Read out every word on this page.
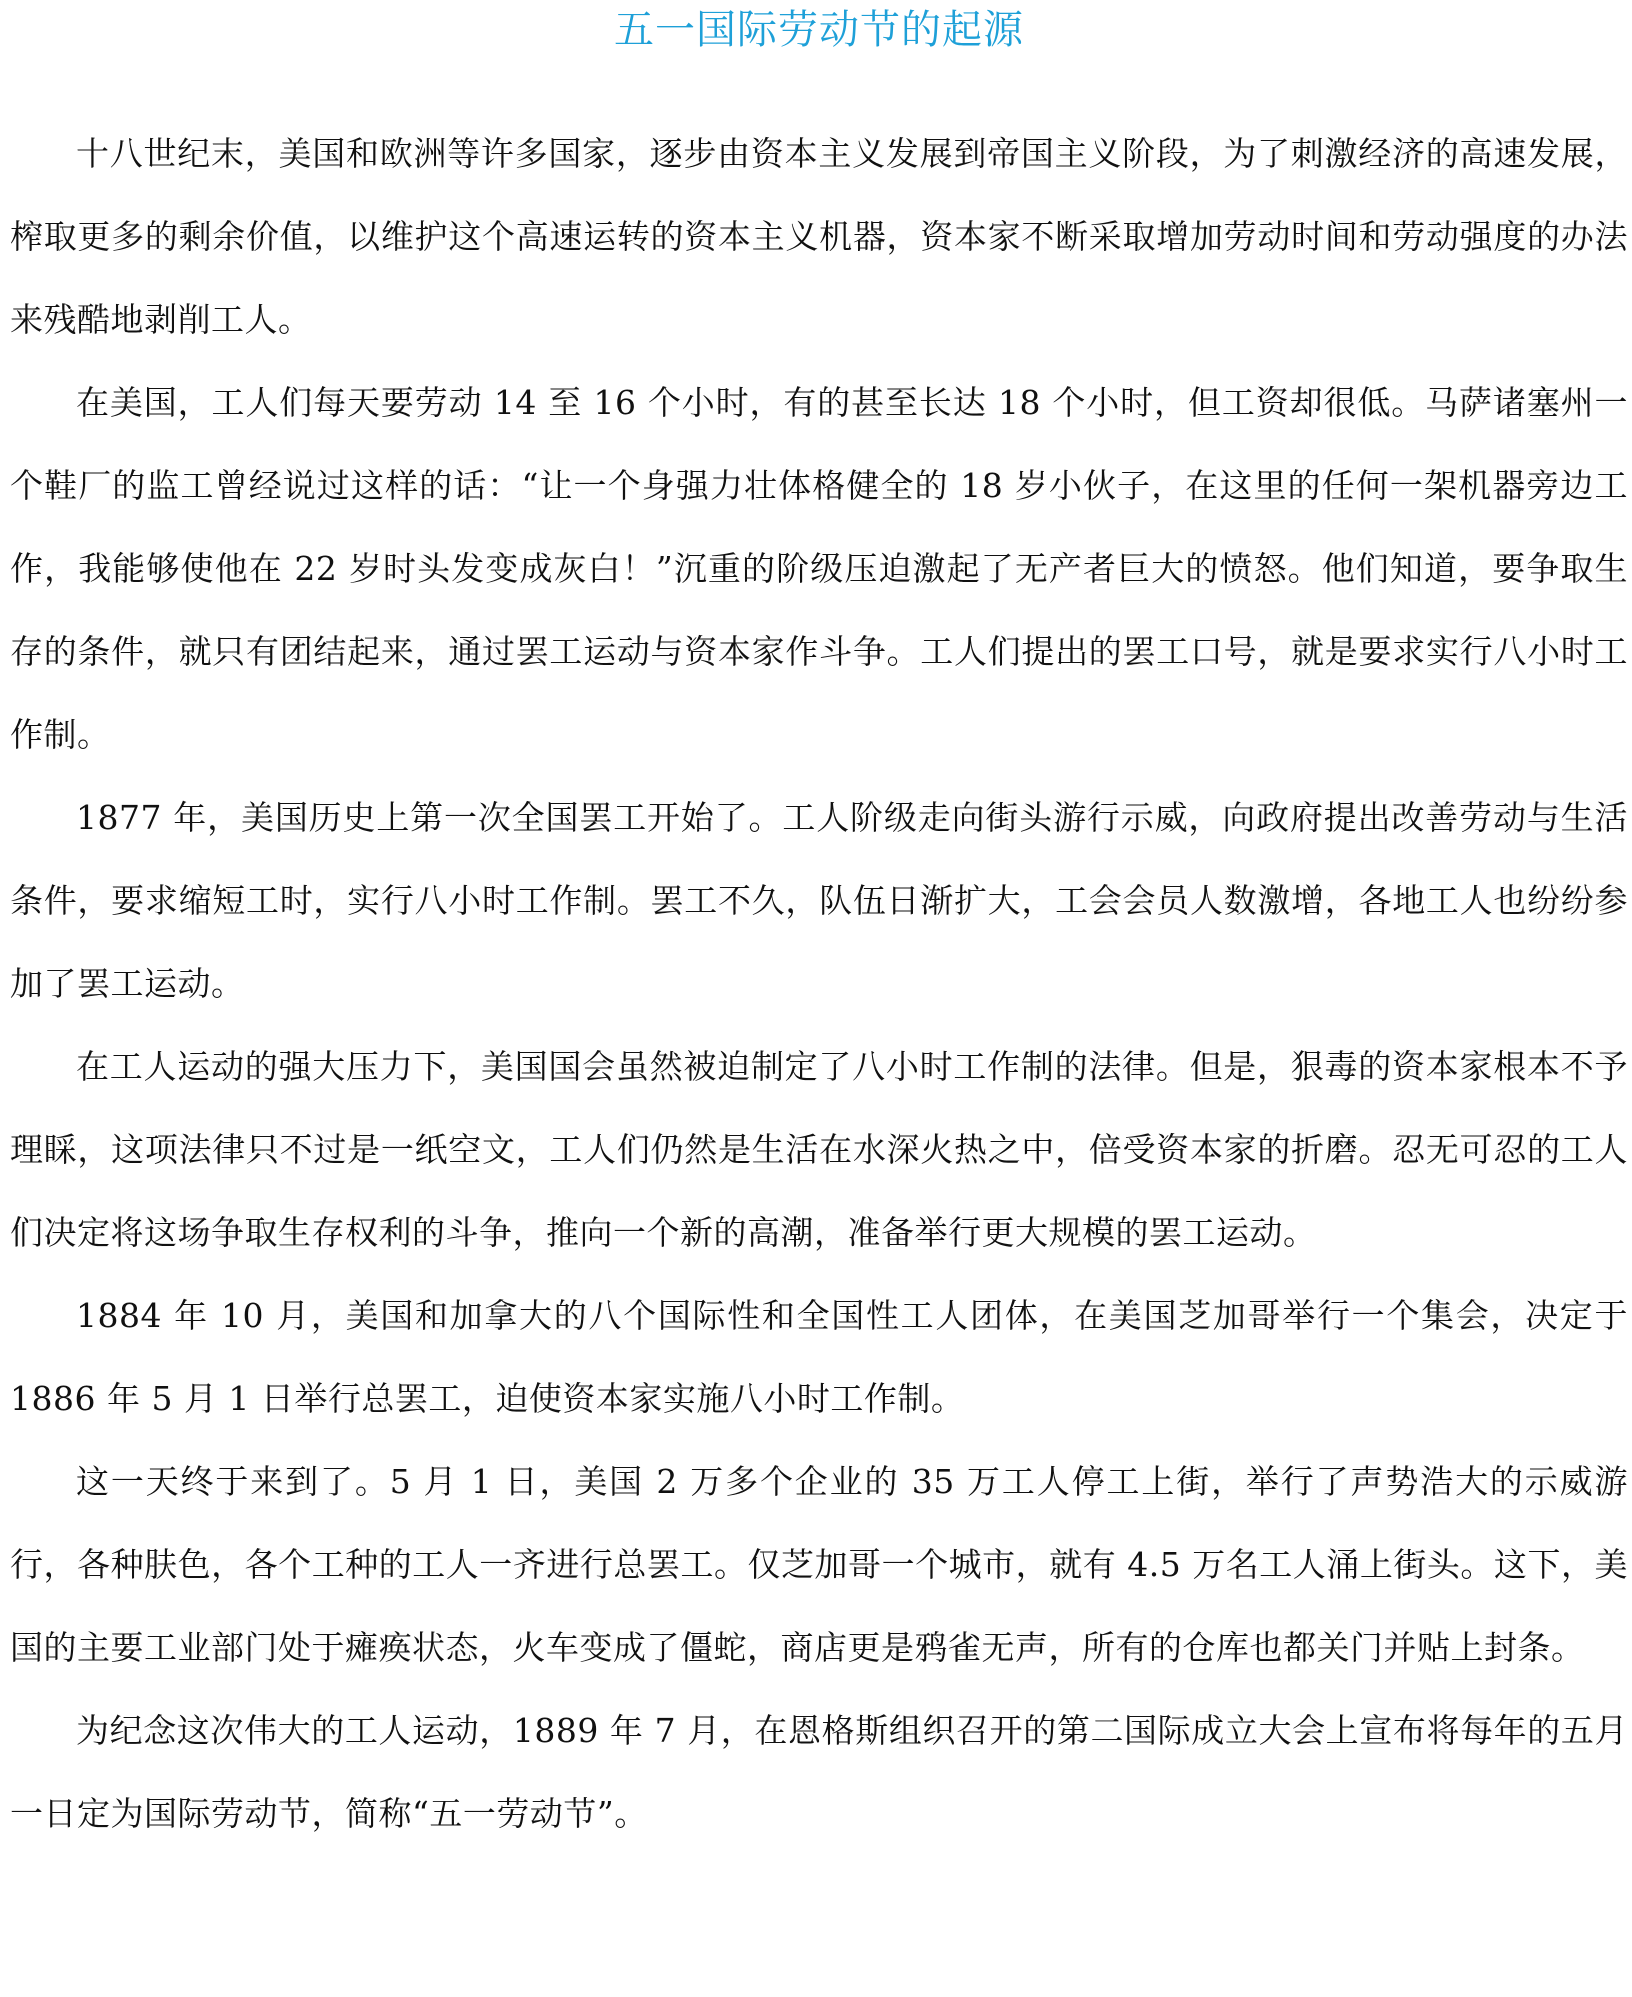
五一国际劳动节的起源

十八世纪末，美国和欧洲等许多国家，逐步由资本主义发展到帝国主义阶段，为了刺激经济的高速发展，榨取更多的剩余价值，以维护这个高速运转的资本主义机器，资本家不断采取增加劳动时间和劳动强度的办法来残酷地剥削工人。

在美国，工人们每天要劳动 14 至 16 个小时，有的甚至长达 18 个小时，但工资却很低。马萨诸塞州一个鞋厂的监工曾经说过这样的话：“让一个身强力壮体格健全的 18 岁小伙子，在这里的任何一架机器旁边工作，我能够使他在 22 岁时头发变成灰白！”沉重的阶级压迫激起了无产者巨大的愤怒。他们知道，要争取生存的条件，就只有团结起来，通过罢工运动与资本家作斗争。工人们提出的罢工口号，就是要求实行八小时工作制。

1877 年，美国历史上第一次全国罢工开始了。工人阶级走向街头游行示威，向政府提出改善劳动与生活条件，要求缩短工时，实行八小时工作制。罢工不久，队伍日渐扩大，工会会员人数激增，各地工人也纷纷参加了罢工运动。

在工人运动的强大压力下，美国国会虽然被迫制定了八小时工作制的法律。但是，狠毒的资本家根本不予理睬，这项法律只不过是一纸空文，工人们仍然是生活在水深火热之中，倍受资本家的折磨。忍无可忍的工人们决定将这场争取生存权利的斗争，推向一个新的高潮，准备举行更大规模的罢工运动。

1884 年 10 月，美国和加拿大的八个国际性和全国性工人团体，在美国芝加哥举行一个集会，决定于 1886 年 5 月 1 日举行总罢工，迫使资本家实施八小时工作制。

这一天终于来到了。5 月 1 日，美国 2 万多个企业的 35 万工人停工上街，举行了声势浩大的示威游行，各种肤色，各个工种的工人一齐进行总罢工。仅芝加哥一个城市，就有 4.5 万名工人涌上街头。这下，美国的主要工业部门处于瘫痪状态，火车变成了僵蛇，商店更是鸦雀无声，所有的仓库也都关门并贴上封条。

为纪念这次伟大的工人运动，1889 年 7 月，在恩格斯组织召开的第二国际成立大会上宣布将每年的五月一日定为国际劳动节，简称“五一劳动节”。
